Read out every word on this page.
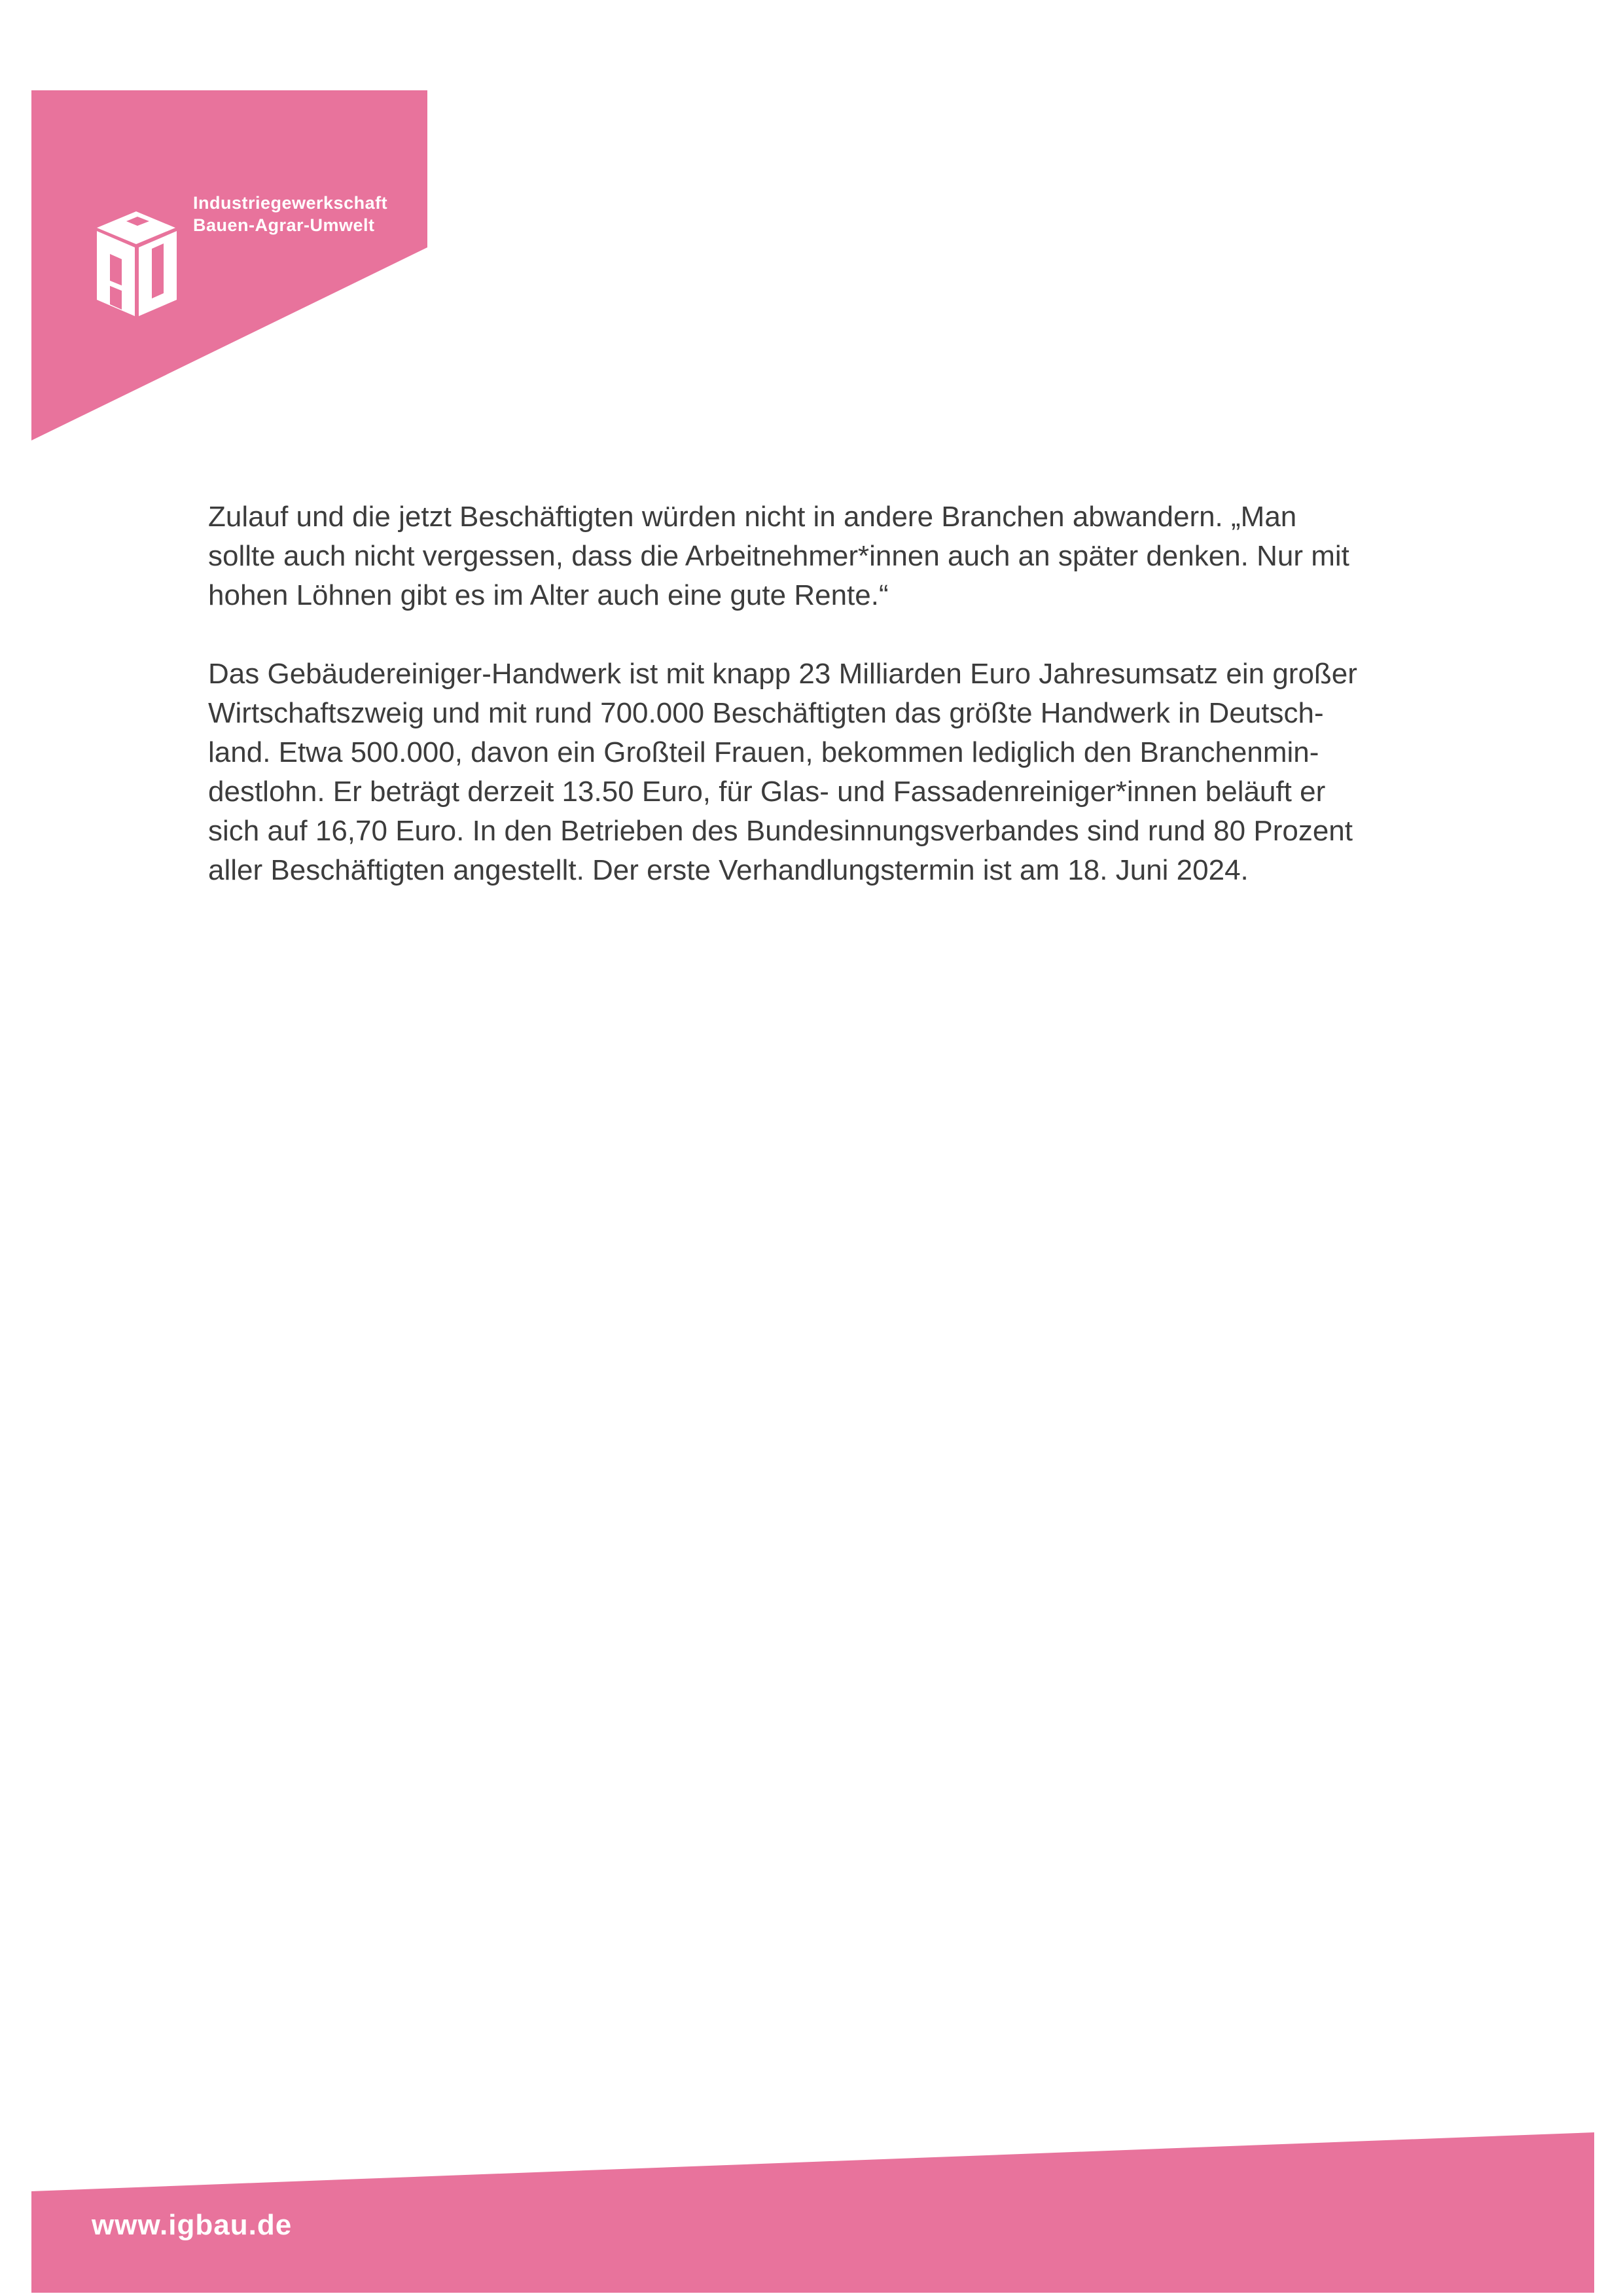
Industriegewerkschaft
Bauen-Agrar-Umwelt

Zulauf und die jetzt Beschäftigten würden nicht in andere Branchen abwandern. „Man
sollte auch nicht vergessen, dass die Arbeitnehmer*innen auch an später denken. Nur mit
hohen Löhnen gibt es im Alter auch eine gute Rente.“

Das Gebäudereiniger-Handwerk ist mit knapp 23 Milliarden Euro Jahresumsatz ein großer
Wirtschaftszweig und mit rund 700.000 Beschäftigten das größte Handwerk in Deutsch-
land. Etwa 500.000, davon ein Großteil Frauen, bekommen lediglich den Branchenmin-
destlohn. Er beträgt derzeit 13.50 Euro, für Glas- und Fassadenreiniger*innen beläuft er
sich auf 16,70 Euro. In den Betrieben des Bundesinnungsverbandes sind rund 80 Prozent
aller Beschäftigten angestellt. Der erste Verhandlungstermin ist am 18. Juni 2024.

www.igbau.de
